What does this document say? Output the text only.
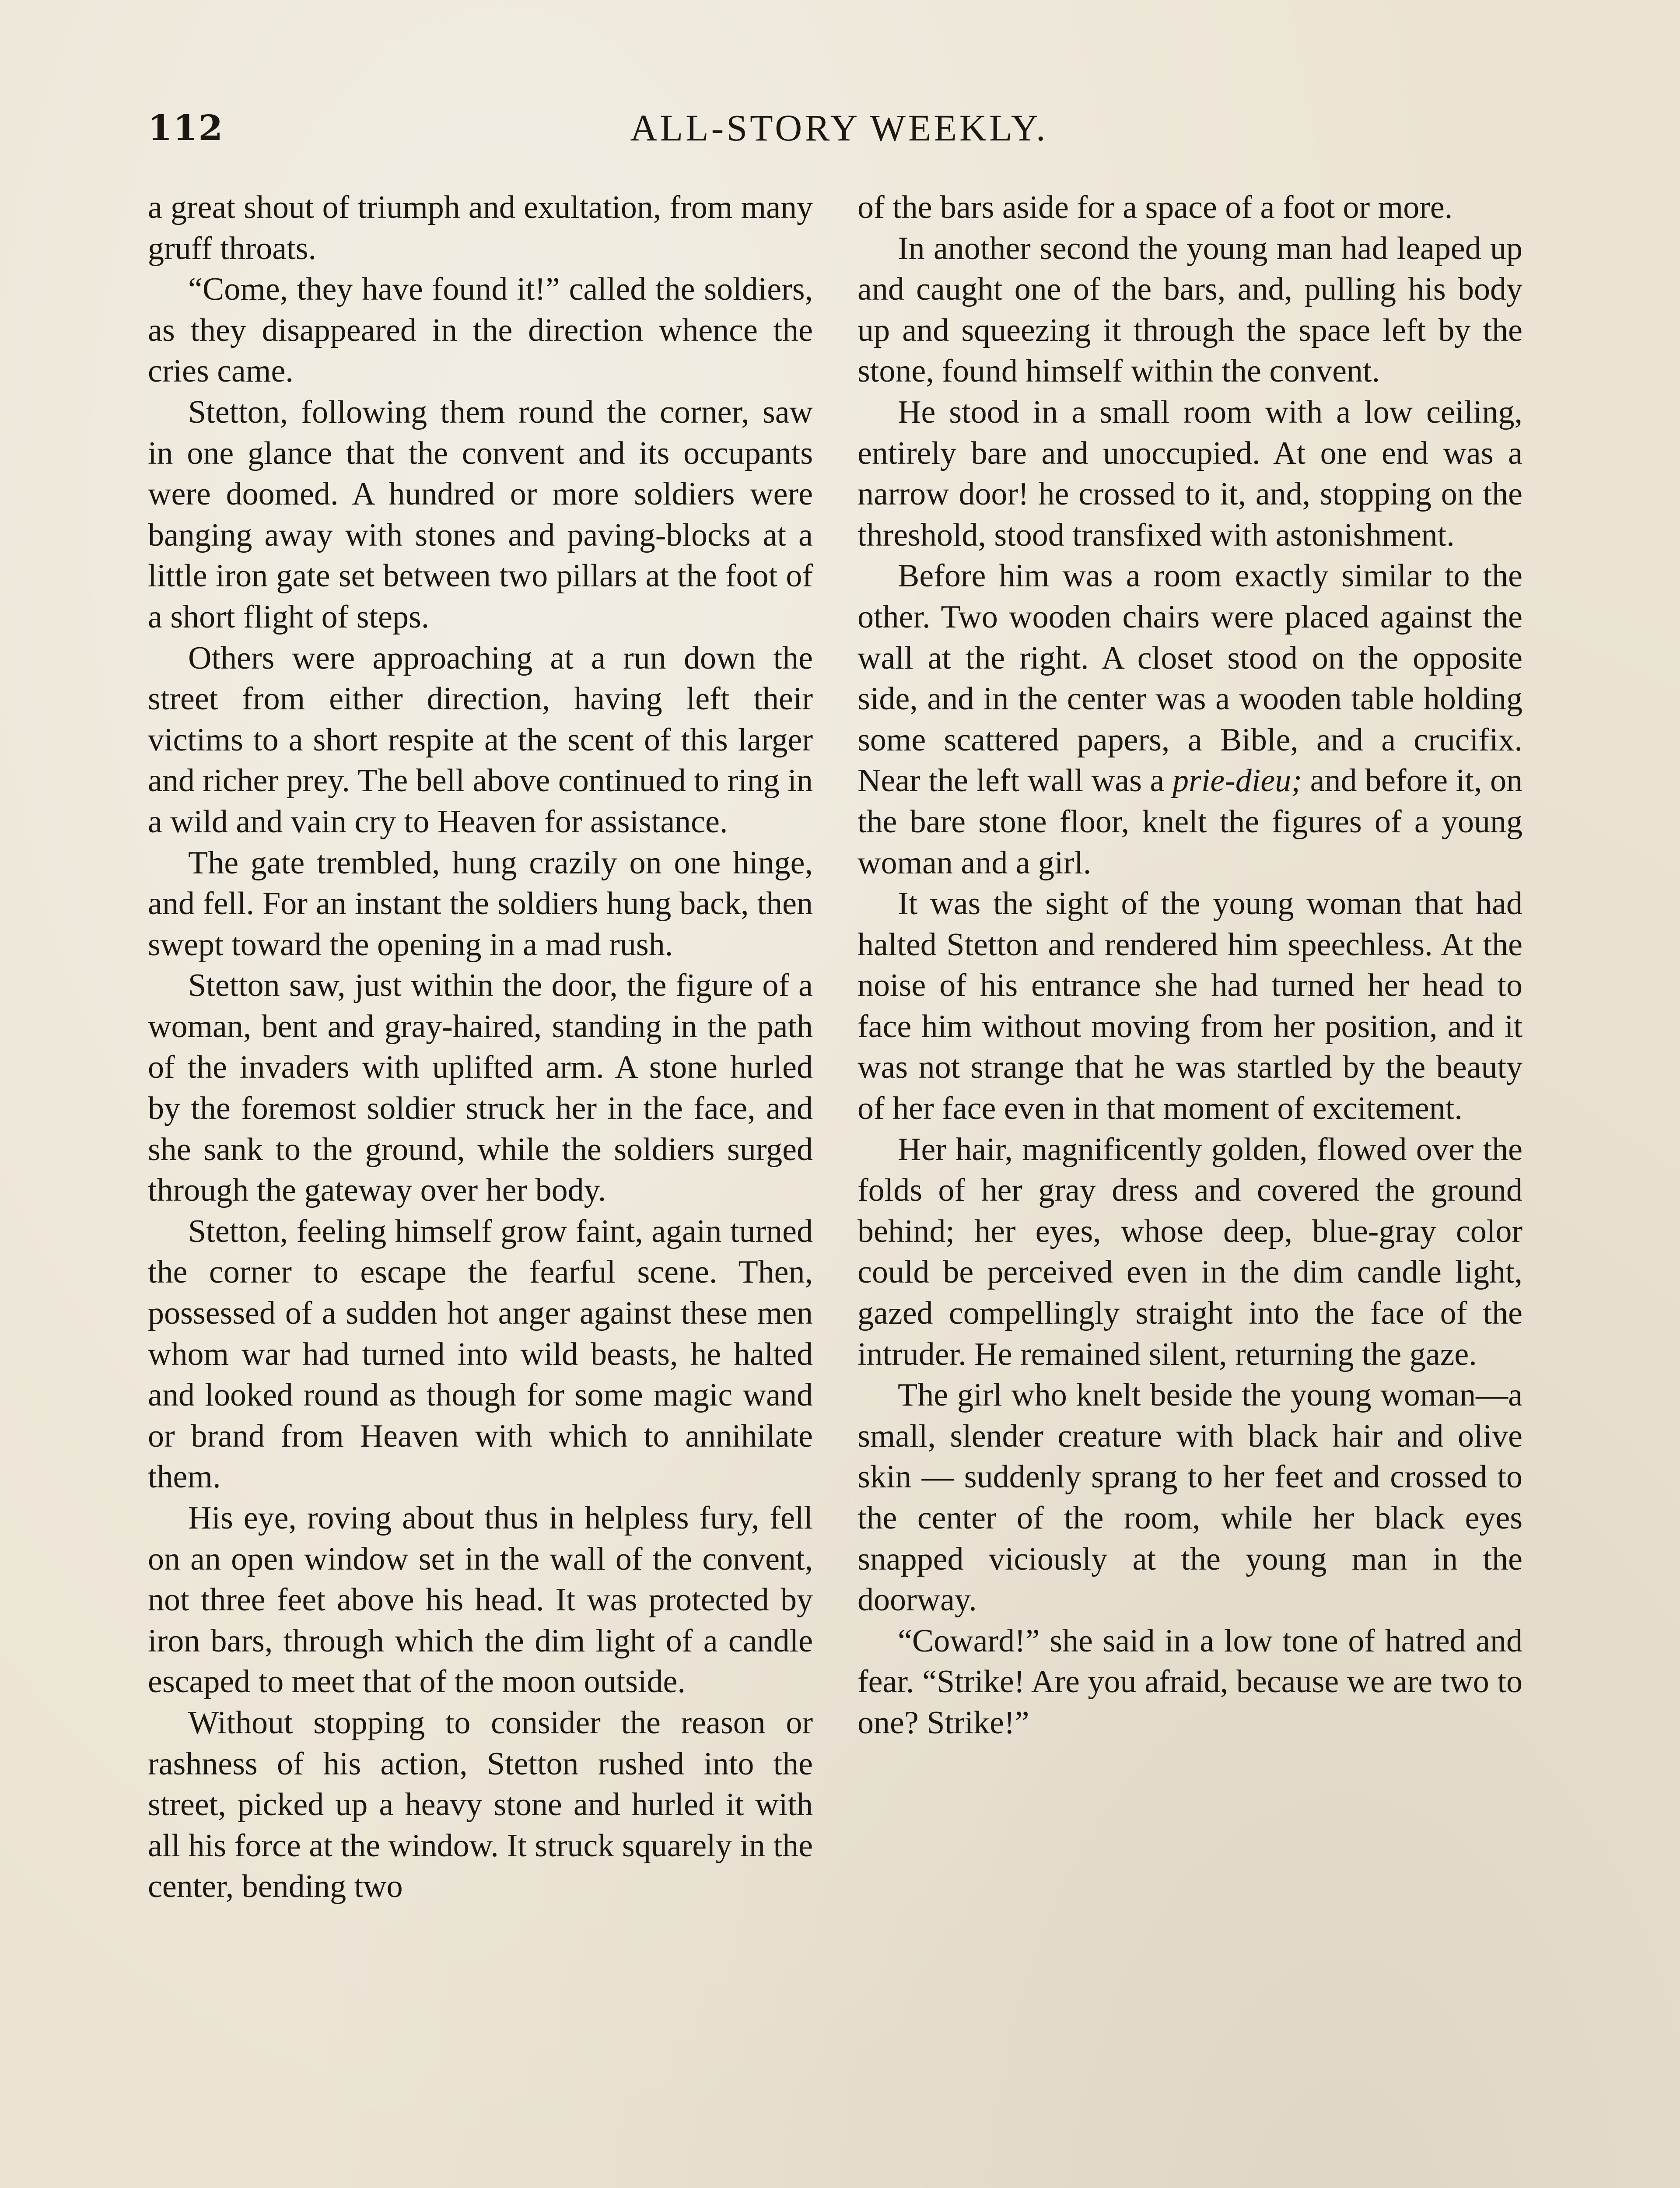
112	ALL-STORY WEEKLY.

a great shout of triumph and exultation, from many gruff throats.

“Come, they have found it!” called the soldiers, as they disappeared in the direction whence the cries came.

Stetton, following them round the corner, saw in one glance that the convent and its occupants were doomed. A hundred or more soldiers were banging away with stones and paving-blocks at a little iron gate set between two pillars at the foot of a short flight of steps.

Others were approaching at a run down the street from either direction, having left their victims to a short respite at the scent of this larger and richer prey. The bell above continued to ring in a wild and vain cry to Heaven for assistance.

The gate trembled, hung crazily on one hinge, and fell. For an instant the soldiers hung back, then swept toward the opening in a mad rush.

Stetton saw, just within the door, the figure of a woman, bent and gray-haired, standing in the path of the invaders with uplifted arm. A stone hurled by the foremost soldier struck her in the face, and she sank to the ground, while the soldiers surged through the gateway over her body.

Stetton, feeling himself grow faint, again turned the corner to escape the fearful scene. Then, possessed of a sudden hot anger against these men whom war had turned into wild beasts, he halted and looked round as though for some magic wand or brand from Heaven with which to annihilate them.

His eye, roving about thus in helpless fury, fell on an open window set in the wall of the convent, not three feet above his head. It was protected by iron bars, through which the dim light of a candle escaped to meet that of the moon outside.

Without stopping to consider the reason or rashness of his action, Stetton rushed into the street, picked up a heavy stone and hurled it with all his force at the window. It struck squarely in the center, bending two

of the bars aside for a space of a foot or more.

In another second the young man had leaped up and caught one of the bars, and, pulling his body up and squeezing it through the space left by the stone, found himself within the convent.

He stood in a small room with a low ceiling, entirely bare and unoccupied. At one end was a narrow door! he crossed to it, and, stopping on the threshold, stood transfixed with astonishment.

Before him was a room exactly similar to the other. Two wooden chairs were placed against the wall at the right. A closet stood on the opposite side, and in the center was a wooden table holding some scattered papers, a Bible, and a crucifix. Near the left wall was a prie-dieu; and before it, on the bare stone floor, knelt the figures of a young woman and a girl.

It was the sight of the young woman that had halted Stetton and rendered him speechless. At the noise of his entrance she had turned her head to face him without moving from her position, and it was not strange that he was startled by the beauty of her face even in that moment of excitement.

Her hair, magnificently golden, flowed over the folds of her gray dress and covered the ground behind; her eyes, whose deep, blue-gray color could be perceived even in the dim candle light, gazed compellingly straight into the face of the intruder. He remained silent, returning the gaze.

The girl who knelt beside the young woman—a small, slender creature with black hair and olive skin — suddenly sprang to her feet and crossed to the center of the room, while her black eyes snapped viciously at the young man in the doorway.

“Coward!” she said in a low tone of hatred and fear. “Strike! Are you afraid, because we are two to one? Strike!”
